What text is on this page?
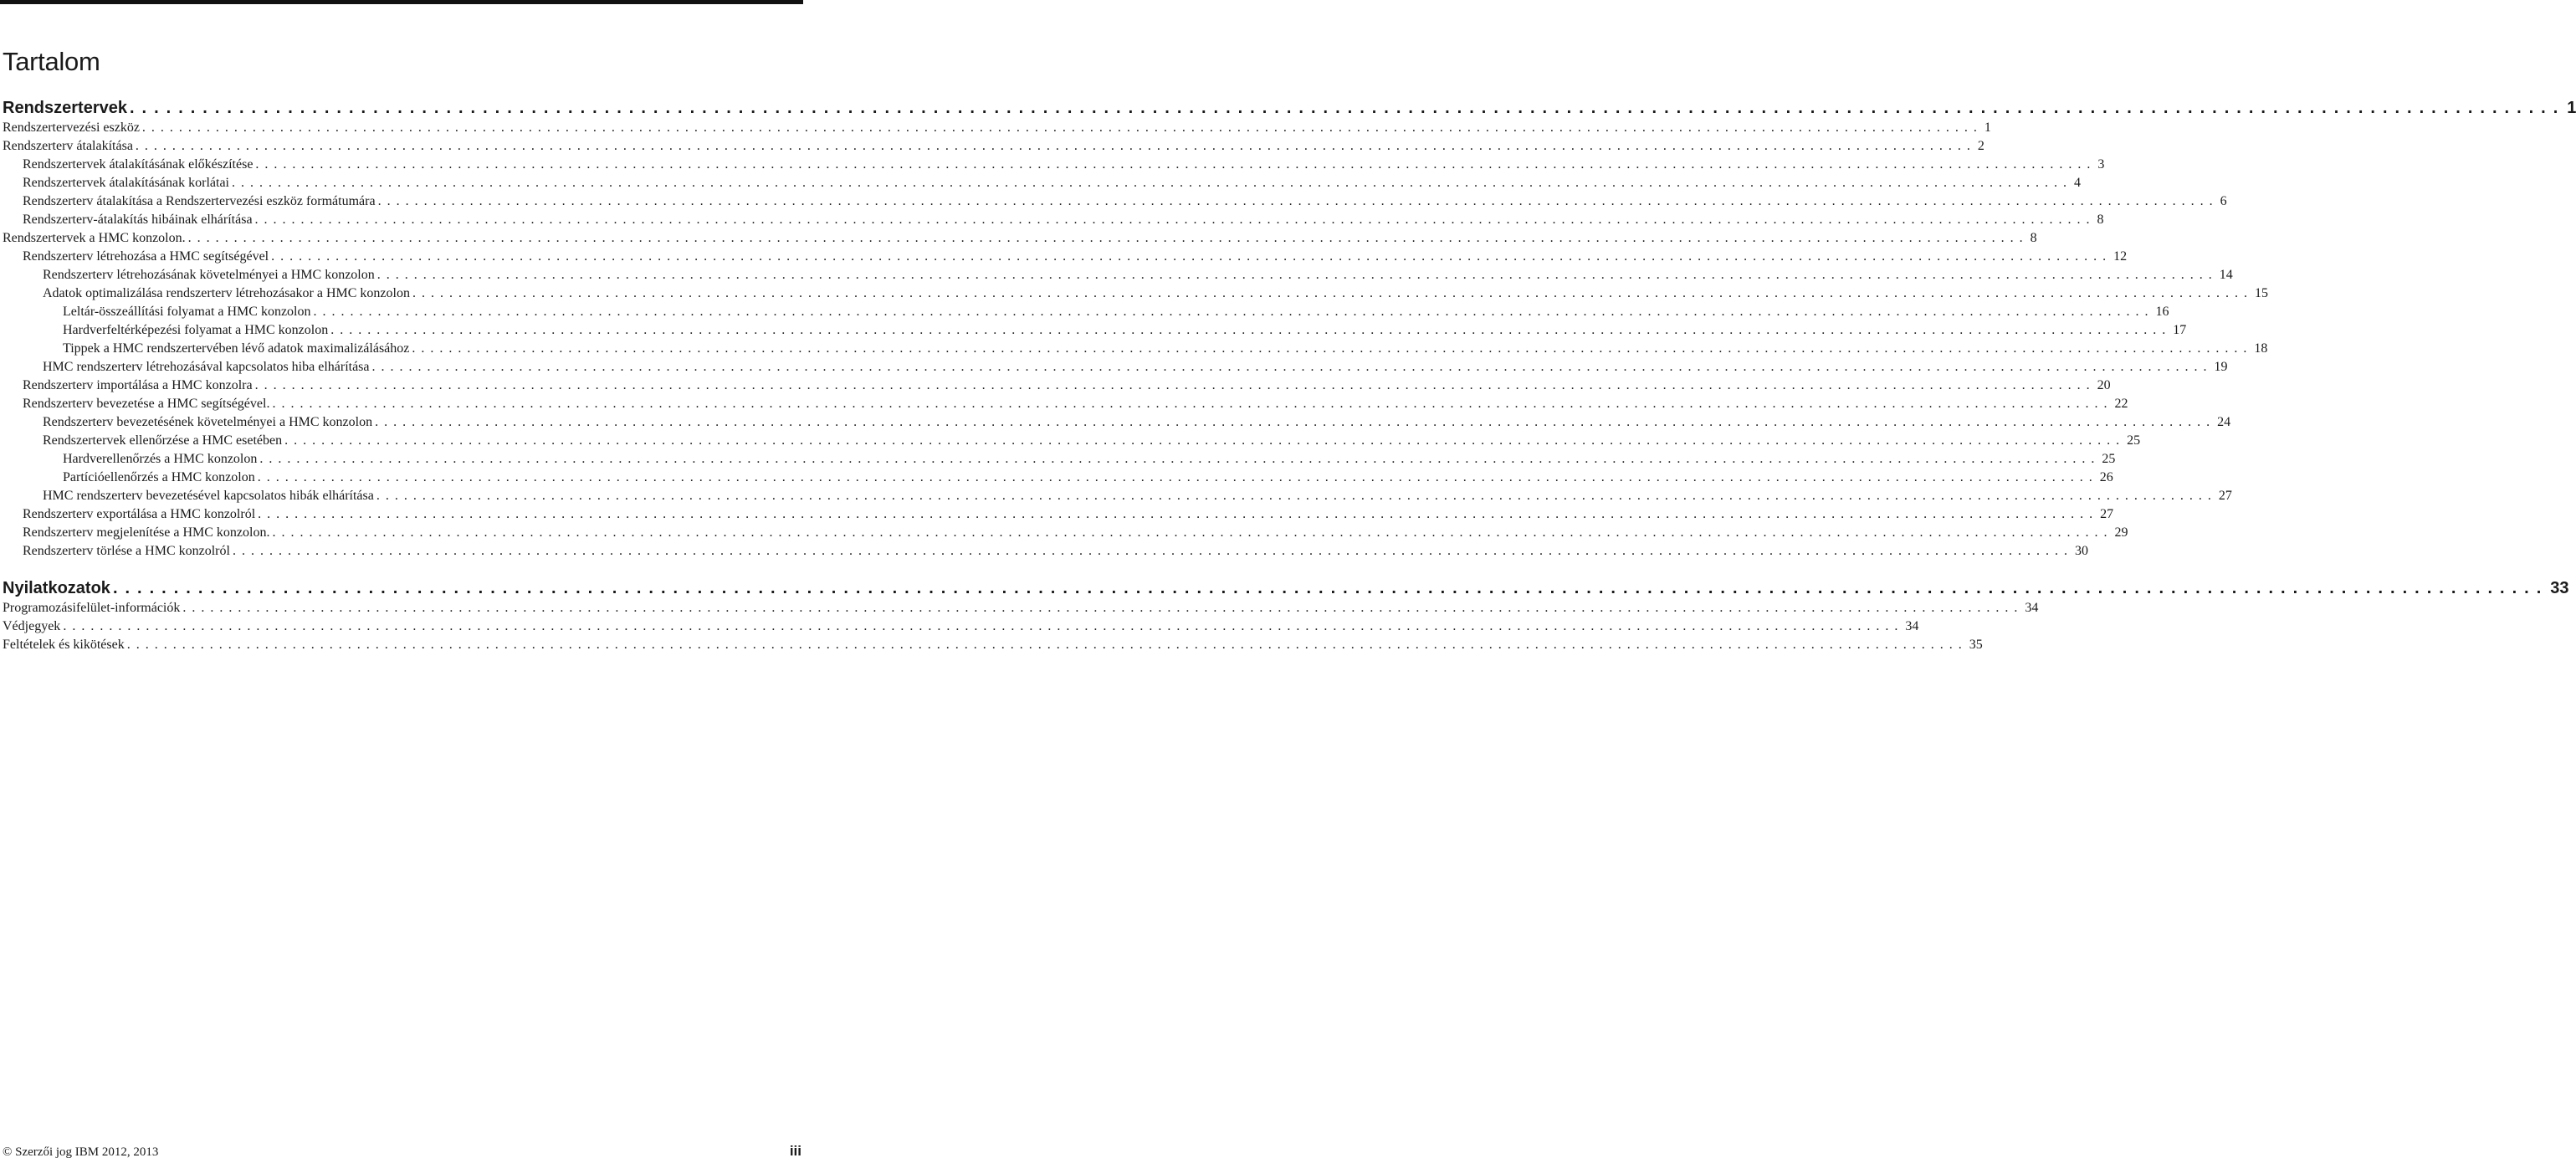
Tartalom
Rendszertervek ........................................................................................................................................................................................................ 1
Rendszertervezési eszköz ........................................................................................................................................................................................................ 1
Rendszerterv átalakítása ........................................................................................................................................................................................................ 2
Rendszertervek átalakításának előkészítése ........................................................................................................................................................................................................ 3
Rendszertervek átalakításának korlátai ........................................................................................................................................................................................................ 4
Rendszerterv átalakítása a Rendszertervezési eszköz formátumára ........................................................................................................................................................................................................ 6
Rendszerterv-átalakítás hibáinak elhárítása ........................................................................................................................................................................................................ 8
Rendszertervek a HMC konzolon. ........................................................................................................................................................................................................ 8
Rendszerterv létrehozása a HMC segítségével ........................................................................................................................................................................................................ 12
Rendszerterv létrehozásának követelményei a HMC konzolon ........................................................................................................................................................................................................ 14
Adatok optimalizálása rendszerterv létrehozásakor a HMC konzolon ........................................................................................................................................................................................................ 15
Leltár-összeállítási folyamat a HMC konzolon ........................................................................................................................................................................................................ 16
Hardverfeltérképezési folyamat a HMC konzolon ........................................................................................................................................................................................................ 17
Tippek a HMC rendszertervében lévő adatok maximalizálásához ........................................................................................................................................................................................................ 18
HMC rendszerterv létrehozásával kapcsolatos hiba elhárítása ........................................................................................................................................................................................................ 19
Rendszerterv importálása a HMC konzolra ........................................................................................................................................................................................................ 20
Rendszerterv bevezetése a HMC segítségével. ........................................................................................................................................................................................................ 22
Rendszerterv bevezetésének követelményei a HMC konzolon ........................................................................................................................................................................................................ 24
Rendszertervek ellenőrzése a HMC esetében ........................................................................................................................................................................................................ 25
Hardverellenőrzés a HMC konzolon ........................................................................................................................................................................................................ 25
Partícióellenőrzés a HMC konzolon ........................................................................................................................................................................................................ 26
HMC rendszerterv bevezetésével kapcsolatos hibák elhárítása ........................................................................................................................................................................................................ 27
Rendszerterv exportálása a HMC konzolról ........................................................................................................................................................................................................ 27
Rendszerterv megjelenítése a HMC konzolon. ........................................................................................................................................................................................................ 29
Rendszerterv törlése a HMC konzolról ........................................................................................................................................................................................................ 30
Nyilatkozatok ........................................................................................................................................................................................................ 33
Programozásifelület-információk ........................................................................................................................................................................................................ 34
Védjegyek ........................................................................................................................................................................................................ 34
Feltételek és kikötések ........................................................................................................................................................................................................ 35
© Szerzői jog IBM 2012, 2013	iii
